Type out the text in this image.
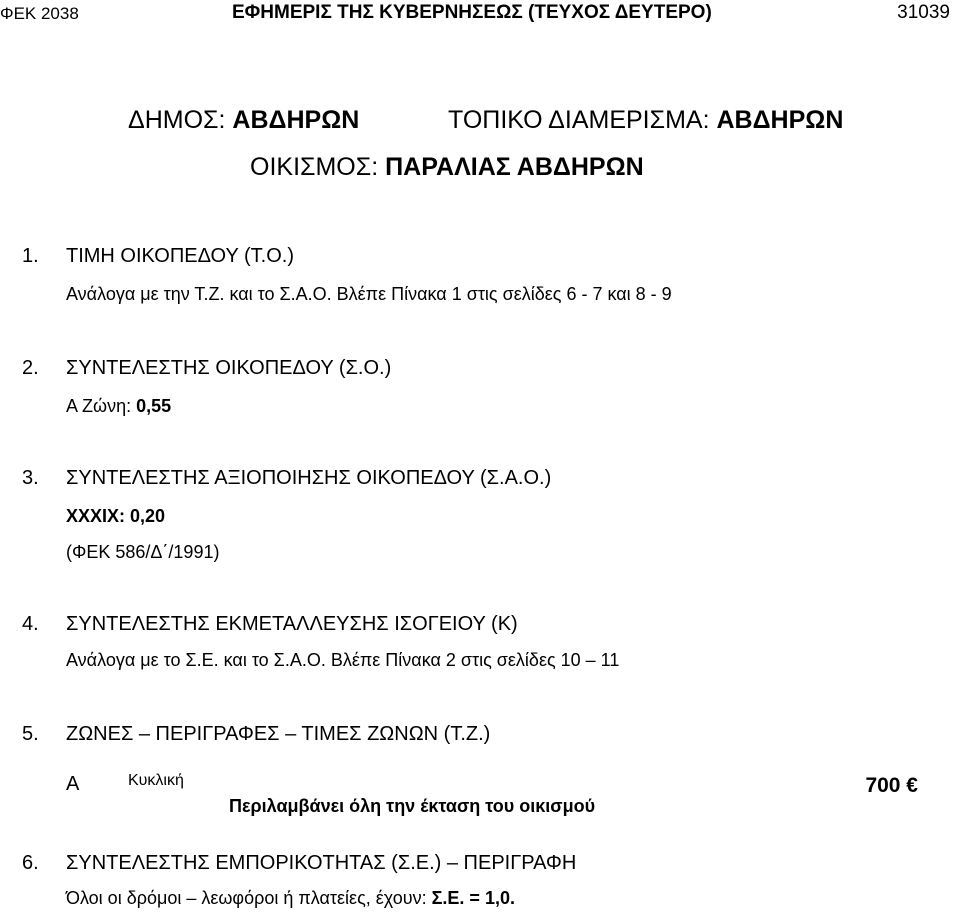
ΦΕΚ 2038	ΕΦΗΜΕΡΙΣ ΤΗΣ ΚΥΒΕΡΝΗΣΕΩΣ (ΤΕΥΧΟΣ ΔΕΥΤΕΡΟ)	31039
ΔΗΜΟΣ: ΑΒΔΗΡΩΝ	ΤΟΠΙΚΟ ΔΙΑΜΕΡΙΣΜΑ: ΑΒΔΗΡΩΝ
ΟΙΚΙΣΜΟΣ: ΠΑΡΑΛΙΑΣ ΑΒΔΗΡΩΝ
1. ΤΙΜΗ ΟΙΚΟΠΕΔΟΥ (Τ.Ο.)
Ανάλογα με την Τ.Ζ. και το Σ.Α.Ο. Βλέπε Πίνακα 1 στις σελίδες 6 - 7 και 8 - 9
2. ΣΥΝΤΕΛΕΣΤΗΣ ΟΙΚΟΠΕΔΟΥ (Σ.Ο.)
Α Ζώνη: 0,55
3. ΣΥΝΤΕΛΕΣΤΗΣ ΑΞΙΟΠΟΙΗΣΗΣ ΟΙΚΟΠΕΔΟΥ (Σ.Α.Ο.)
XXXIX: 0,20
(ΦΕΚ 586/Δ΄/1991)
4. ΣΥΝΤΕΛΕΣΤΗΣ ΕΚΜΕΤΑΛΛΕΥΣΗΣ ΙΣΟΓΕΙΟΥ (Κ)
Ανάλογα με το Σ.Ε. και το Σ.Α.Ο. Βλέπε Πίνακα 2 στις σελίδες 10 – 11
5. ΖΩΝΕΣ – ΠΕΡΙΓΡΑΦΕΣ – ΤΙΜΕΣ ΖΩΝΩΝ (Τ.Ζ.)
Α	Κυκλική	700 €
Περιλαμβάνει όλη την έκταση του οικισμού
6. ΣΥΝΤΕΛΕΣΤΗΣ ΕΜΠΟΡΙΚΟΤΗΤΑΣ (Σ.Ε.) – ΠΕΡΙΓΡΑΦΗ
Όλοι οι δρόμοι – λεωφόροι ή πλατείες, έχουν: Σ.Ε. = 1,0.
